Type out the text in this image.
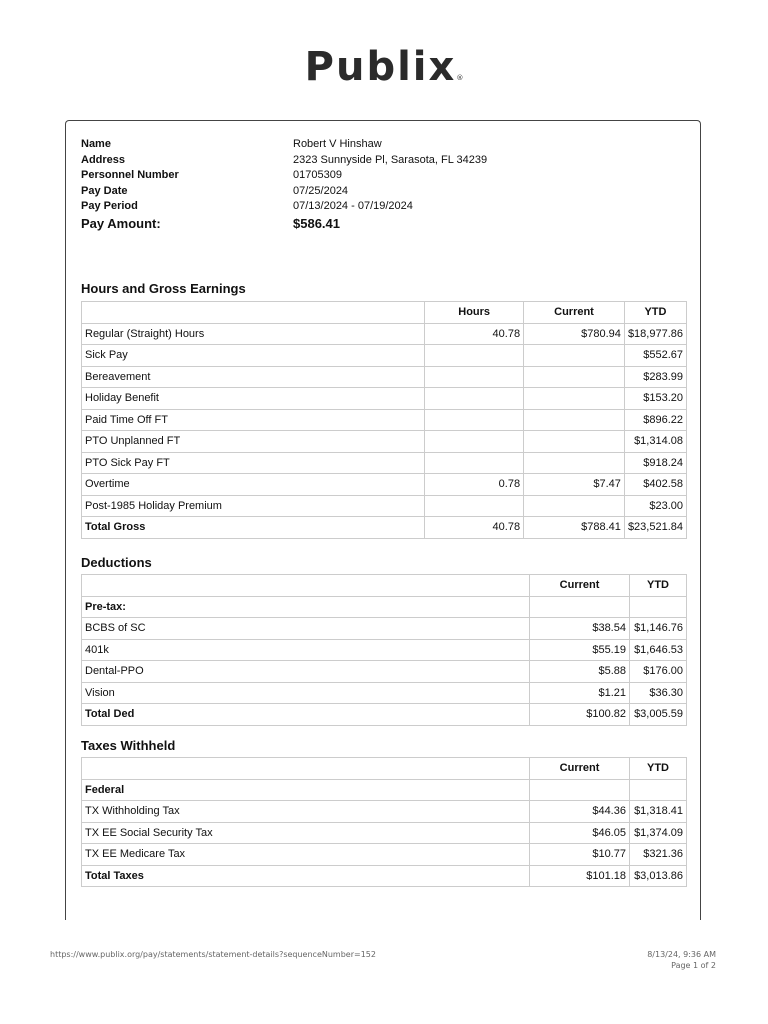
Publix®
Name	Robert V Hinshaw
Address	2323 Sunnyside Pl, Sarasota, FL 34239
Personnel Number	01705309
Pay Date	07/25/2024
Pay Period	07/13/2024 - 07/19/2024
Pay Amount:	$586.41
Hours and Gross Earnings
	Hours	Current	YTD
Regular (Straight) Hours	40.78	$780.94	$18,977.86
Sick Pay			$552.67
Bereavement			$283.99
Holiday Benefit			$153.20
Paid Time Off FT			$896.22
PTO Unplanned FT			$1,314.08
PTO Sick Pay FT			$918.24
Overtime	0.78	$7.47	$402.58
Post-1985 Holiday Premium			$23.00
Total Gross	40.78	$788.41	$23,521.84
Deductions
	Current	YTD
Pre-tax:		
BCBS of SC	$38.54	$1,146.76
401k	$55.19	$1,646.53
Dental-PPO	$5.88	$176.00
Vision	$1.21	$36.30
Total Ded	$100.82	$3,005.59
Taxes Withheld
	Current	YTD
Federal		
TX Withholding Tax	$44.36	$1,318.41
TX EE Social Security Tax	$46.05	$1,374.09
TX EE Medicare Tax	$10.77	$321.36
Total Taxes	$101.18	$3,013.86
https://www.publix.org/pay/statements/statement-details?sequenceNumber=152	8/13/24, 9:36 AM
Page 1 of 2
